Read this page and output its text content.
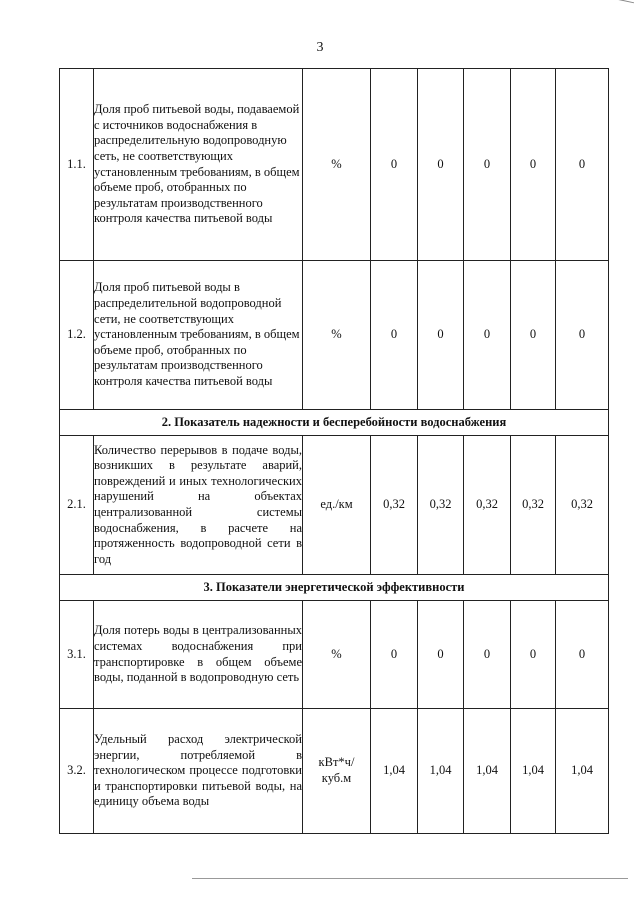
3
1.1.	Доля проб питьевой воды, подаваемой с источников водоснабжения в распределительную водопроводную сеть, не соответствующих установленным требованиям, в общем объеме проб, отобранных по результатам производственного контроля качества питьевой воды	%	0	0	0	0	0
1.2.	Доля проб питьевой воды в распределительной водопроводной сети, не соответствующих установленным требованиям, в общем объеме проб, отобранных по результатам производственного контроля качества питьевой воды	%	0	0	0	0	0
2. Показатель надежности и бесперебойности водоснабжения							
2.1.	Количество перерывов в подаче воды, возникших в результате аварий, повреждений и иных технологических нарушений на объектах централизованной системы водоснабжения, в расчете на протяженность водопроводной сети в год	ед./км	0,32	0,32	0,32	0,32	0,32
3. Показатели энергетической эффективности							
3.1.	Доля потерь воды в централизованных системах водоснабжения при транспортировке в общем объеме воды, поданной в водопроводную сеть	%	0	0	0	0	0
3.2.	Удельный расход электрической энергии, потребляемой в технологическом процессе подготовки и транспортировки питьевой воды, на единицу объема воды	кВт*ч/ куб.м	1,04	1,04	1,04	1,04	1,04
